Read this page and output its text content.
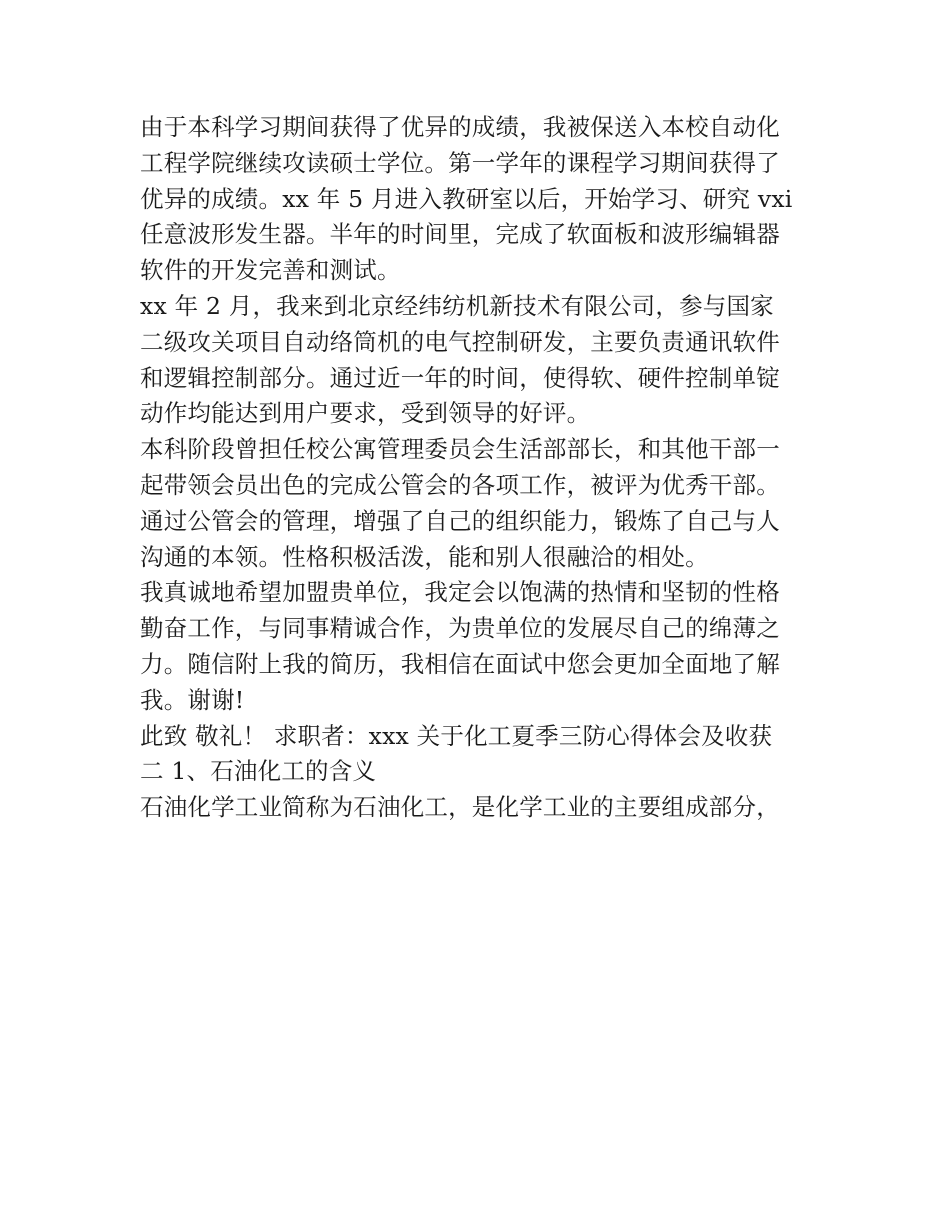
由于本科学习期间获得了优异的成绩，我被保送入本校自动化
工程学院继续攻读硕士学位。第一学年的课程学习期间获得了
优异的成绩。xx 年 5 月进入教研室以后，开始学习、研究 vxi
任意波形发生器。半年的时间里，完成了软面板和波形编辑器
软件的开发完善和测试。
xx 年 2 月，我来到北京经纬纺机新技术有限公司，参与国家
二级攻关项目自动络筒机的电气控制研发，主要负责通讯软件
和逻辑控制部分。通过近一年的时间，使得软、硬件控制单锭
动作均能达到用户要求，受到领导的好评。
本科阶段曾担任校公寓管理委员会生活部部长，和其他干部一
起带领会员出色的完成公管会的各项工作，被评为优秀干部。
通过公管会的管理，增强了自己的组织能力，锻炼了自己与人
沟通的本领。性格积极活泼，能和别人很融洽的相处。
我真诚地希望加盟贵单位，我定会以饱满的热情和坚韧的性格
勤奋工作，与同事精诚合作，为贵单位的发展尽自己的绵薄之
力。随信附上我的简历，我相信在面试中您会更加全面地了解
我。谢谢!
此致 敬礼！ 求职者：xxx 关于化工夏季三防心得体会及收获
二 1、石油化工的含义
石油化学工业简称为石油化工，是化学工业的主要组成部分，
